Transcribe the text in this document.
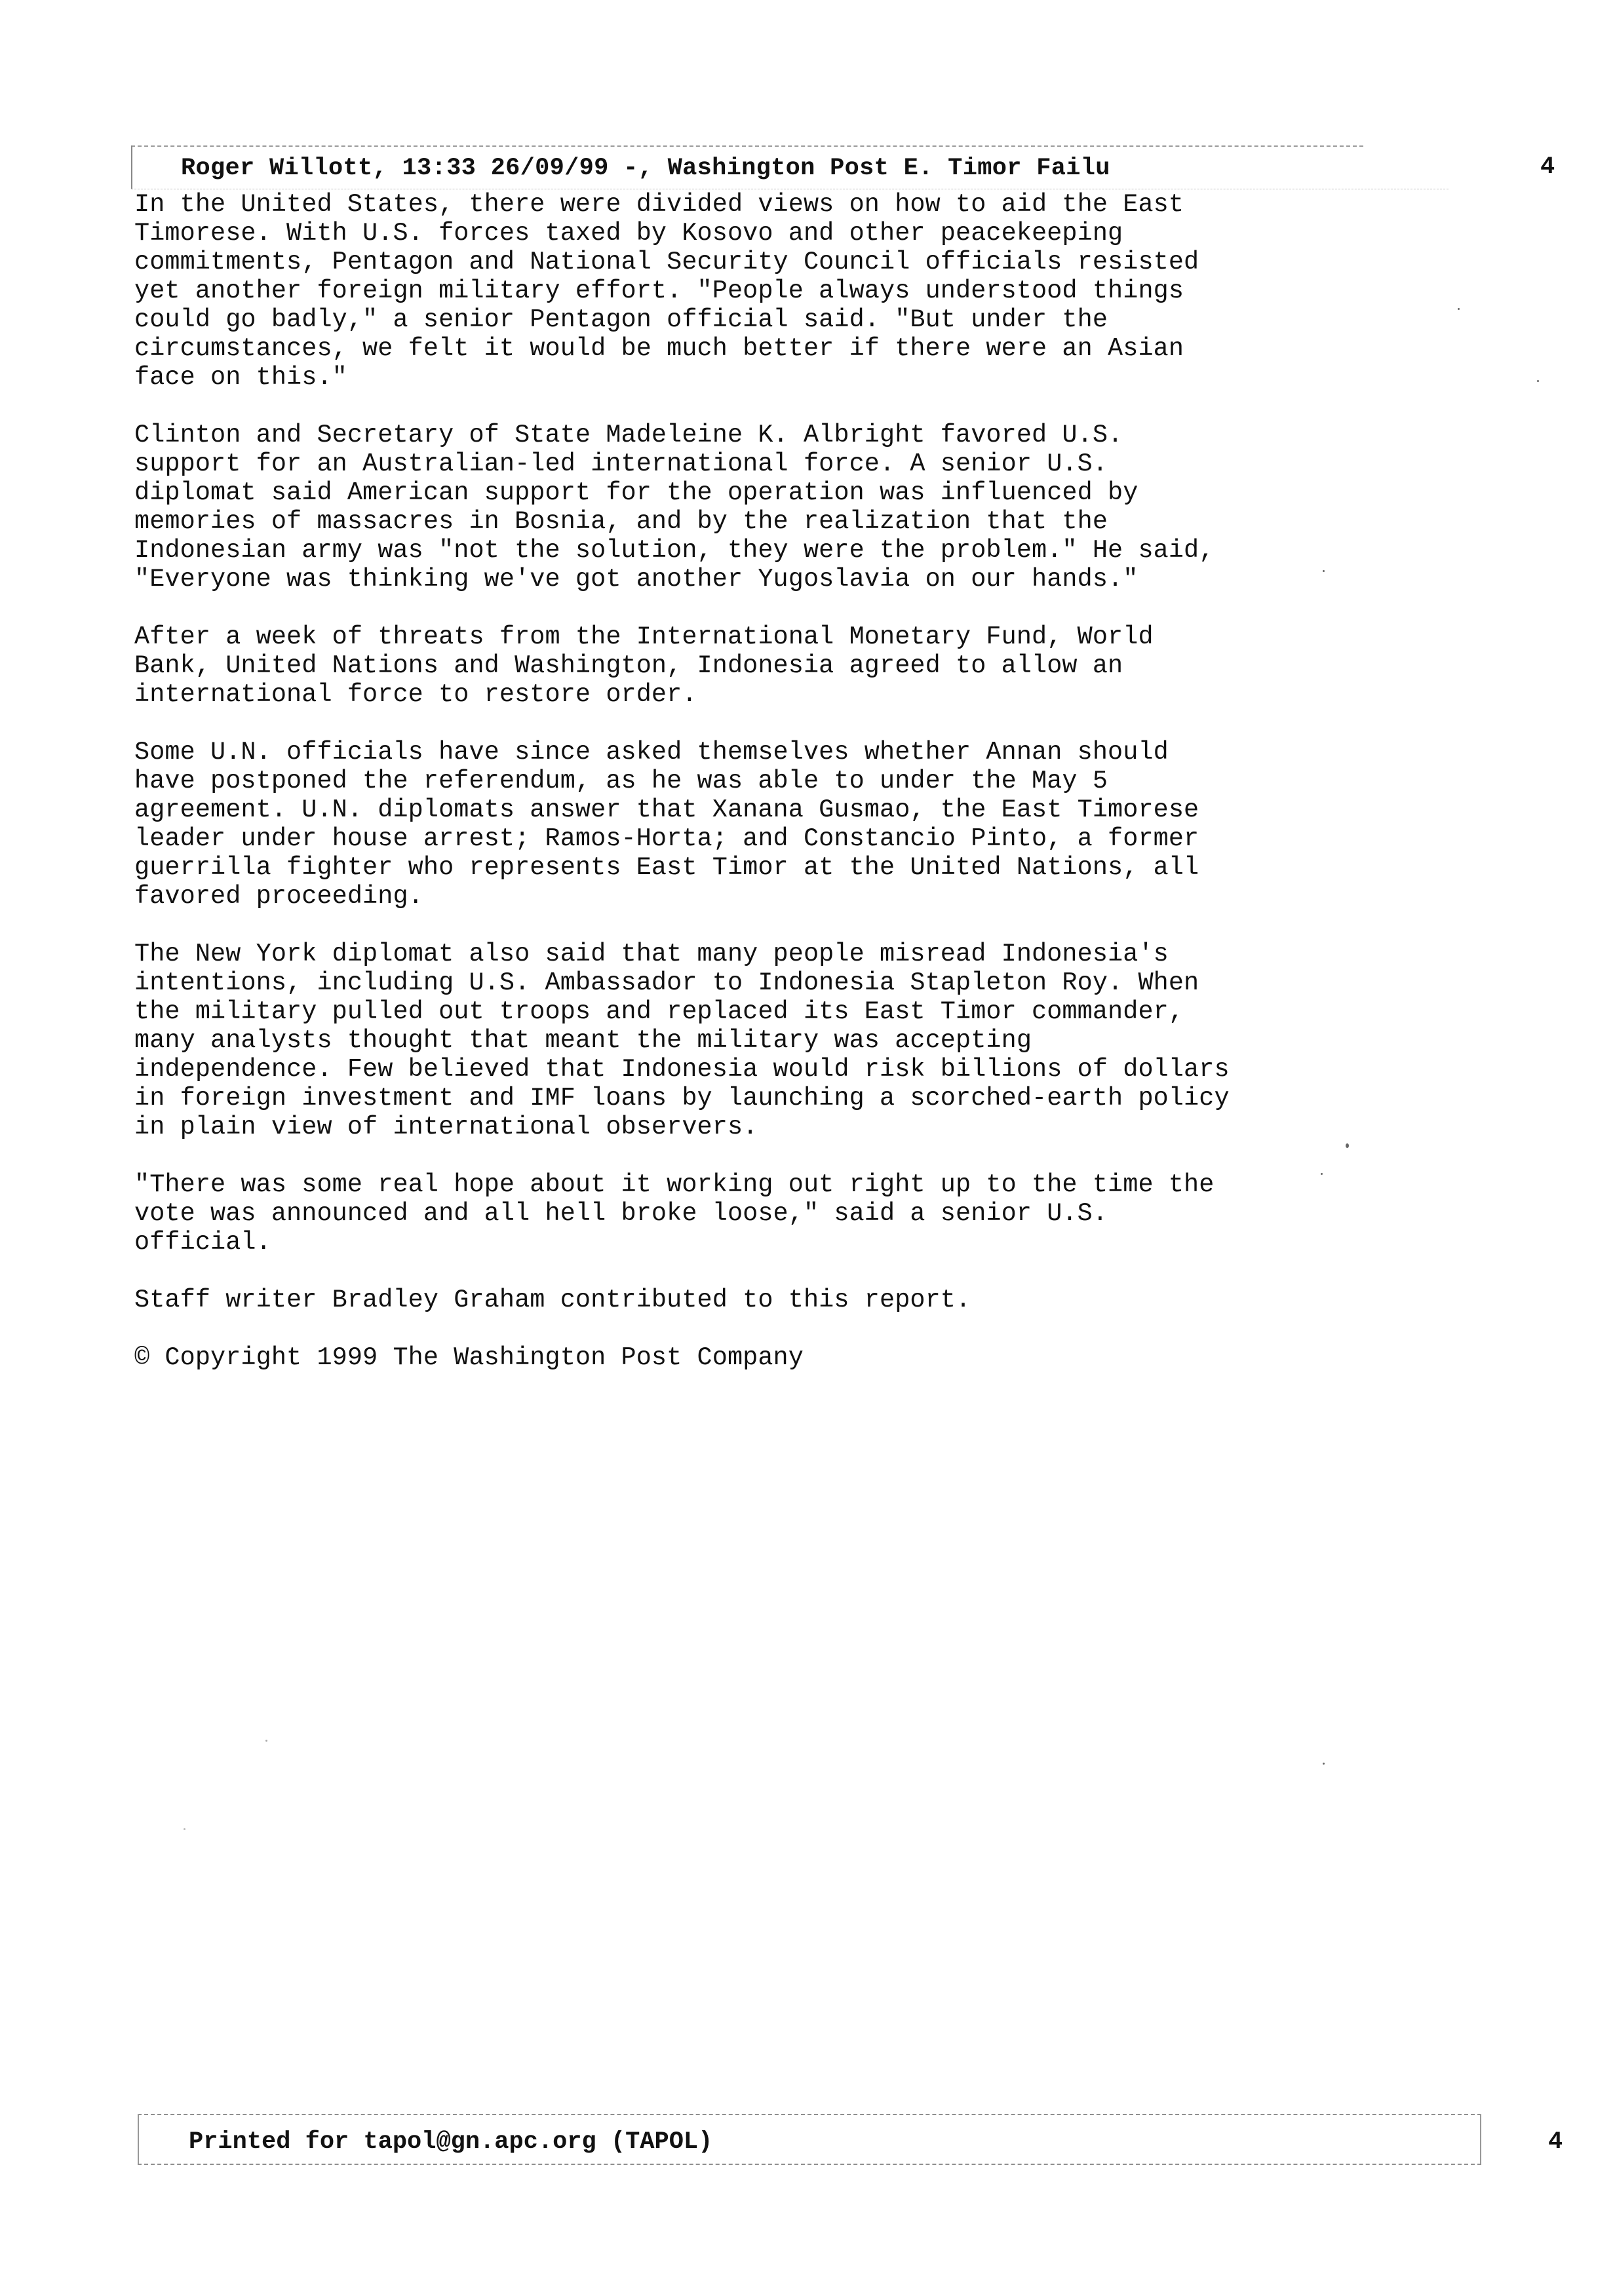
Roger Willott, 13:33 26/09/99 -, Washington Post E. Timor Failu	4

In the United States, there were divided views on how to aid the East
Timorese. With U.S. forces taxed by Kosovo and other peacekeeping
commitments, Pentagon and National Security Council officials resisted
yet another foreign military effort. "People always understood things
could go badly," a senior Pentagon official said. "But under the
circumstances, we felt it would be much better if there were an Asian
face on this."

Clinton and Secretary of State Madeleine K. Albright favored U.S.
support for an Australian-led international force. A senior U.S.
diplomat said American support for the operation was influenced by
memories of massacres in Bosnia, and by the realization that the
Indonesian army was "not the solution, they were the problem." He said,
"Everyone was thinking we've got another Yugoslavia on our hands."

After a week of threats from the International Monetary Fund, World
Bank, United Nations and Washington, Indonesia agreed to allow an
international force to restore order.

Some U.N. officials have since asked themselves whether Annan should
have postponed the referendum, as he was able to under the May 5
agreement. U.N. diplomats answer that Xanana Gusmao, the East Timorese
leader under house arrest; Ramos-Horta; and Constancio Pinto, a former
guerrilla fighter who represents East Timor at the United Nations, all
favored proceeding.

The New York diplomat also said that many people misread Indonesia's
intentions, including U.S. Ambassador to Indonesia Stapleton Roy. When
the military pulled out troops and replaced its East Timor commander,
many analysts thought that meant the military was accepting
independence. Few believed that Indonesia would risk billions of dollars
in foreign investment and IMF loans by launching a scorched-earth policy
in plain view of international observers.

"There was some real hope about it working out right up to the time the
vote was announced and all hell broke loose," said a senior U.S.
official.

Staff writer Bradley Graham contributed to this report.

© Copyright 1999 The Washington Post Company

Printed for tapol@gn.apc.org (TAPOL)	4
